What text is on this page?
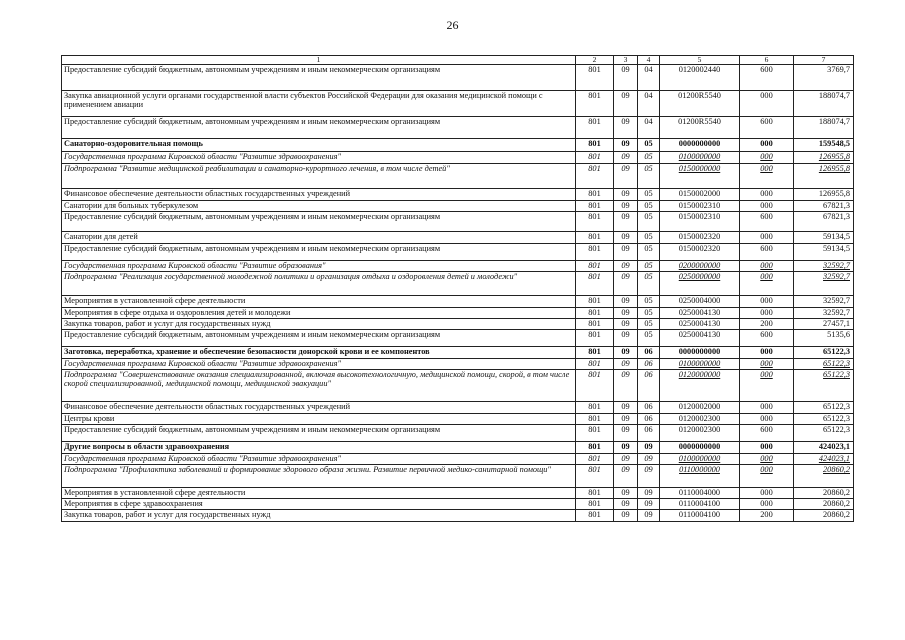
26
1	2	3	4	5	6	7
Предоставление субсидий бюджетным, автономным учреждениям и иным некоммерческим организациям	801	09	04	0120002440	600	3769,7
Закупка авиационной услуги органами государственной власти субъектов Российской Федерации для оказания медицинской помощи с применением авиации	801	09	04	01200R5540	000	188074,7
Предоставление субсидий бюджетным, автономным учреждениям и иным некоммерческим организациям	801	09	04	01200R5540	600	188074,7
Санаторно-оздоровительная помощь	801	09	05	0000000000	000	159548,5
Государственная программа Кировской области "Развитие здравоохранения"	801	09	05	0100000000	000	126955,8
Подпрограмма "Развитие медицинской реабилитации и санаторно-курортного лечения, в том числе детей"	801	09	05	0150000000	000	126955,8
Финансовое обеспечение деятельности областных государственных учреждений	801	09	05	0150002000	000	126955,8
Санатории для больных туберкулезом	801	09	05	0150002310	000	67821,3
Предоставление субсидий бюджетным, автономным учреждениям и иным некоммерческим организациям	801	09	05	0150002310	600	67821,3
Санатории для детей	801	09	05	0150002320	000	59134,5
Предоставление субсидий бюджетным, автономным учреждениям и иным некоммерческим организациям	801	09	05	0150002320	600	59134,5
Государственная программа Кировской области "Развитие образования"	801	09	05	0200000000	000	32592,7
Подпрограмма "Реализация государственной молодежной политики и организация отдыха и оздоровления детей и молодежи"	801	09	05	0250000000	000	32592,7
Мероприятия в установленной сфере деятельности	801	09	05	0250004000	000	32592,7
Мероприятия в сфере отдыха и оздоровления детей и молодежи	801	09	05	0250004130	000	32592,7
Закупка товаров, работ и услуг для государственных нужд	801	09	05	0250004130	200	27457,1
Предоставление субсидий бюджетным, автономным учреждениям и иным некоммерческим организациям	801	09	05	0250004130	600	5135,6
Заготовка, переработка, хранение и обеспечение безопасности донорской крови и ее компонентов	801	09	06	0000000000	000	65122,3
Государственная программа Кировской области "Развитие здравоохранения"	801	09	06	0100000000	000	65122,3
Подпрограмма "Совершенствование оказания специализированной, включая высокотехнологичную, медицинской помощи, скорой, в том числе скорой специализированной, медицинской помощи, медицинской эвакуации"	801	09	06	0120000000	000	65122,3
Финансовое обеспечение деятельности областных государственных учреждений	801	09	06	0120002000	000	65122,3
Центры крови	801	09	06	0120002300	000	65122,3
Предоставление субсидий бюджетным, автономным учреждениям и иным некоммерческим организациям	801	09	06	0120002300	600	65122,3
Другие вопросы в области здравоохранения	801	09	09	0000000000	000	424023,1
Государственная программа Кировской области "Развитие здравоохранения"	801	09	09	0100000000	000	424023,1
Подпрограмма "Профилактика заболеваний и формирование здорового образа жизни. Развитие первичной медико-санитарной помощи"	801	09	09	0110000000	000	20860,2
Мероприятия в установленной сфере деятельности	801	09	09	0110004000	000	20860,2
Мероприятия в сфере здравоохранения	801	09	09	0110004100	000	20860,2
Закупка товаров, работ и услуг для государственных нужд	801	09	09	0110004100	200	20860,2
